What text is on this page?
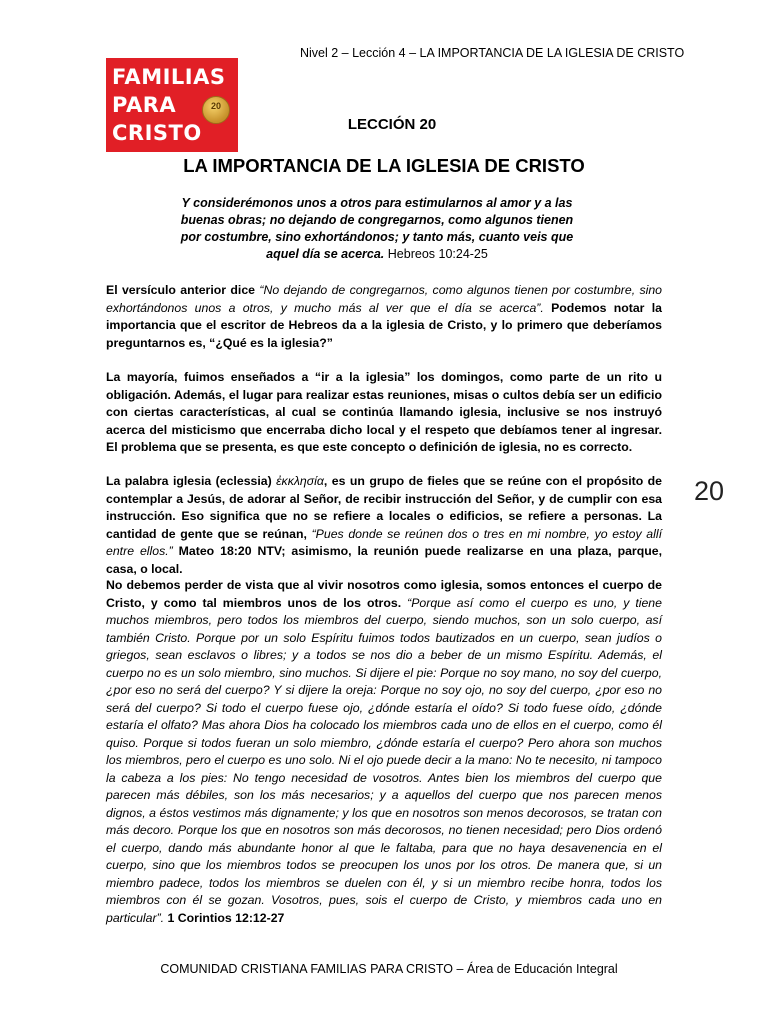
Nivel 2 – Lección 4 – LA IMPORTANCIA DE LA IGLESIA DE CRISTO
FAMILIAS
PARA
CRISTO
20
LECCIÓN 20
LA IMPORTANCIA DE LA IGLESIA DE CRISTO
Y considerémonos unos a otros para estimularnos al amor y a las buenas obras; no dejando de congregarnos, como algunos tienen por costumbre, sino exhortándonos; y tanto más, cuanto veis que aquel día se acerca. Hebreos 10:24-25

El versículo anterior dice “No dejando de congregarnos, como algunos tienen por costumbre, sino exhortándonos unos a otros, y mucho más al ver que el día se acerca”. Podemos notar la importancia que el escritor de Hebreos da a la iglesia de Cristo, y lo primero que deberíamos preguntarnos es, “¿Qué es la iglesia?”

La mayoría, fuimos enseñados a “ir a la iglesia” los domingos, como parte de un rito u obligación. Además, el lugar para realizar estas reuniones, misas o cultos debía ser un edificio con ciertas características, al cual se continúa llamando iglesia, inclusive se nos instruyó acerca del misticismo que encerraba dicho local y el respeto que debíamos tener al ingresar. El problema que se presenta, es que este concepto o definición de iglesia, no es correcto.

La palabra iglesia (eclessia) ἐκκλησία, es un grupo de fieles que se reúne con el propósito de contemplar a Jesús, de adorar al Señor, de recibir instrucción del Señor, y de cumplir con esa instrucción. Eso significa que no se refiere a locales o edificios, se refiere a personas. La cantidad de gente que se reúnan, “Pues donde se reúnen dos o tres en mi nombre, yo estoy allí entre ellos.” Mateo 18:20 NTV; asimismo, la reunión puede realizarse en una plaza, parque, casa, o local.

No debemos perder de vista que al vivir nosotros como iglesia, somos entonces el cuerpo de Cristo, y como tal miembros unos de los otros. “Porque así como el cuerpo es uno, y tiene muchos miembros, pero todos los miembros del cuerpo, siendo muchos, son un solo cuerpo, así también Cristo. Porque por un solo Espíritu fuimos todos bautizados en un cuerpo, sean judíos o griegos, sean esclavos o libres; y a todos se nos dio a beber de un mismo Espíritu. Además, el cuerpo no es un solo miembro, sino muchos. Si dijere el pie: Porque no soy mano, no soy del cuerpo, ¿por eso no será del cuerpo? Y si dijere la oreja: Porque no soy ojo, no soy del cuerpo, ¿por eso no será del cuerpo? Si todo el cuerpo fuese ojo, ¿dónde estaría el oído? Si todo fuese oído, ¿dónde estaría el olfato? Mas ahora Dios ha colocado los miembros cada uno de ellos en el cuerpo, como él quiso. Porque si todos fueran un solo miembro, ¿dónde estaría el cuerpo? Pero ahora son muchos los miembros, pero el cuerpo es uno solo. Ni el ojo puede decir a la mano: No te necesito, ni tampoco la cabeza a los pies: No tengo necesidad de vosotros. Antes bien los miembros del cuerpo que parecen más débiles, son los más necesarios; y a aquellos del cuerpo que nos parecen menos dignos, a éstos vestimos más dignamente; y los que en nosotros son menos decorosos, se tratan con más decoro. Porque los que en nosotros son más decorosos, no tienen necesidad; pero Dios ordenó el cuerpo, dando más abundante honor al que le faltaba, para que no haya desavenencia en el cuerpo, sino que los miembros todos se preocupen los unos por los otros. De manera que, si un miembro padece, todos los miembros se duelen con él, y si un miembro recibe honra, todos los miembros con él se gozan. Vosotros, pues, sois el cuerpo de Cristo, y miembros cada uno en particular”. 1 Corintios 12:12-27

20
COMUNIDAD CRISTIANA FAMILIAS PARA CRISTO – Área de Educación Integral
